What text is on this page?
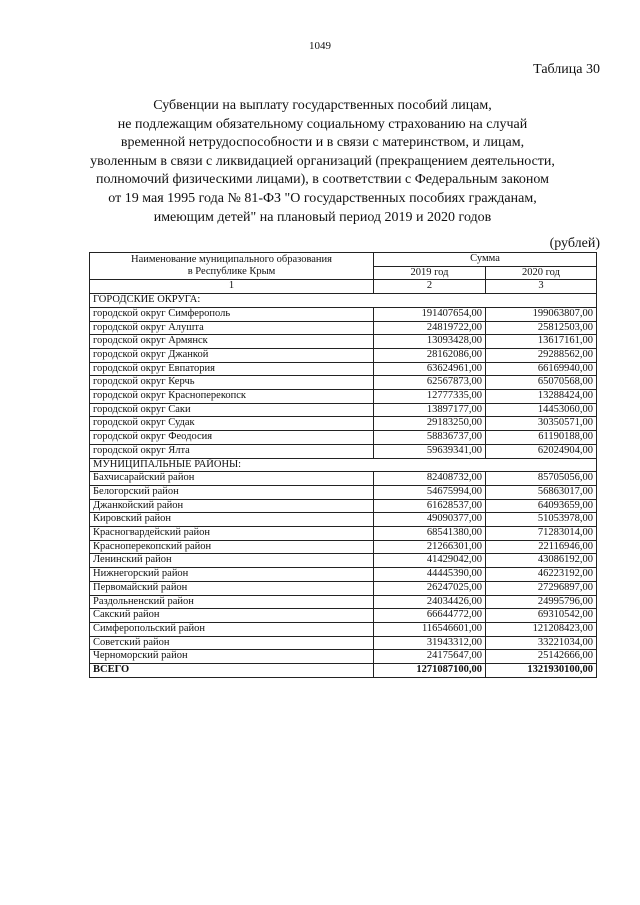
1049
Таблица 30
Субвенции на выплату государственных пособий лицам,
не подлежащим обязательному социальному страхованию на случай
временной нетрудоспособности и в связи с материнством, и лицам,
уволенным в связи с ликвидацией организаций (прекращением деятельности,
полномочий физическими лицами), в соответствии с Федеральным законом
от 19 мая 1995 года № 81-ФЗ "О государственных пособиях гражданам,
имеющим детей" на плановый период 2019 и 2020 годов
(рублей)
Наименование муниципального образования
в Республике Крым	Сумма	
	2019 год	2020 год
1	2	3
ГОРОДСКИЕ ОКРУГА:		
городской округ Симферополь	191407654,00	199063807,00
городской округ Алушта	24819722,00	25812503,00
городской округ Армянск	13093428,00	13617161,00
городской округ Джанкой	28162086,00	29288562,00
городской округ Евпатория	63624961,00	66169940,00
городской округ Керчь	62567873,00	65070568,00
городской округ Красноперекопск	12777335,00	13288424,00
городской округ Саки	13897177,00	14453060,00
городской округ Судак	29183250,00	30350571,00
городской округ Феодосия	58836737,00	61190188,00
городской округ Ялта	59639341,00	62024904,00
МУНИЦИПАЛЬНЫЕ РАЙОНЫ:		
Бахчисарайский район	82408732,00	85705056,00
Белогорский район	54675994,00	56863017,00
Джанкойский район	61628537,00	64093659,00
Кировский район	49090377,00	51053978,00
Красногвардейский район	68541380,00	71283014,00
Красноперекопский район	21266301,00	22116946,00
Ленинский район	41429042,00	43086192,00
Нижнегорский район	44445390,00	46223192,00
Первомайский район	26247025,00	27296897,00
Раздольненский район	24034426,00	24995796,00
Сакский район	66644772,00	69310542,00
Симферопольский район	116546601,00	121208423,00
Советский район	31943312,00	33221034,00
Черноморский район	24175647,00	25142666,00
ВСЕГО	1271087100,00	1321930100,00
